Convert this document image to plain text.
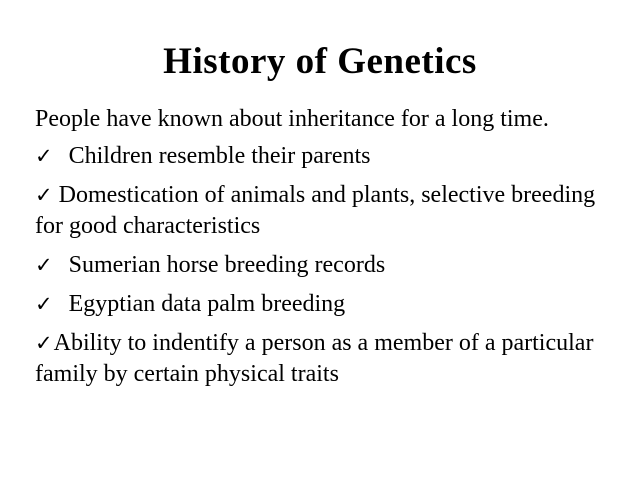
History of Genetics

People have known about inheritance for a long time.

✓ Children resemble their parents
✓ Domestication of animals and plants, selective breeding for good characteristics
✓ Sumerian horse breeding records
✓ Egyptian data palm breeding
✓Ability to indentify a person as a member of a particular family by certain physical traits
